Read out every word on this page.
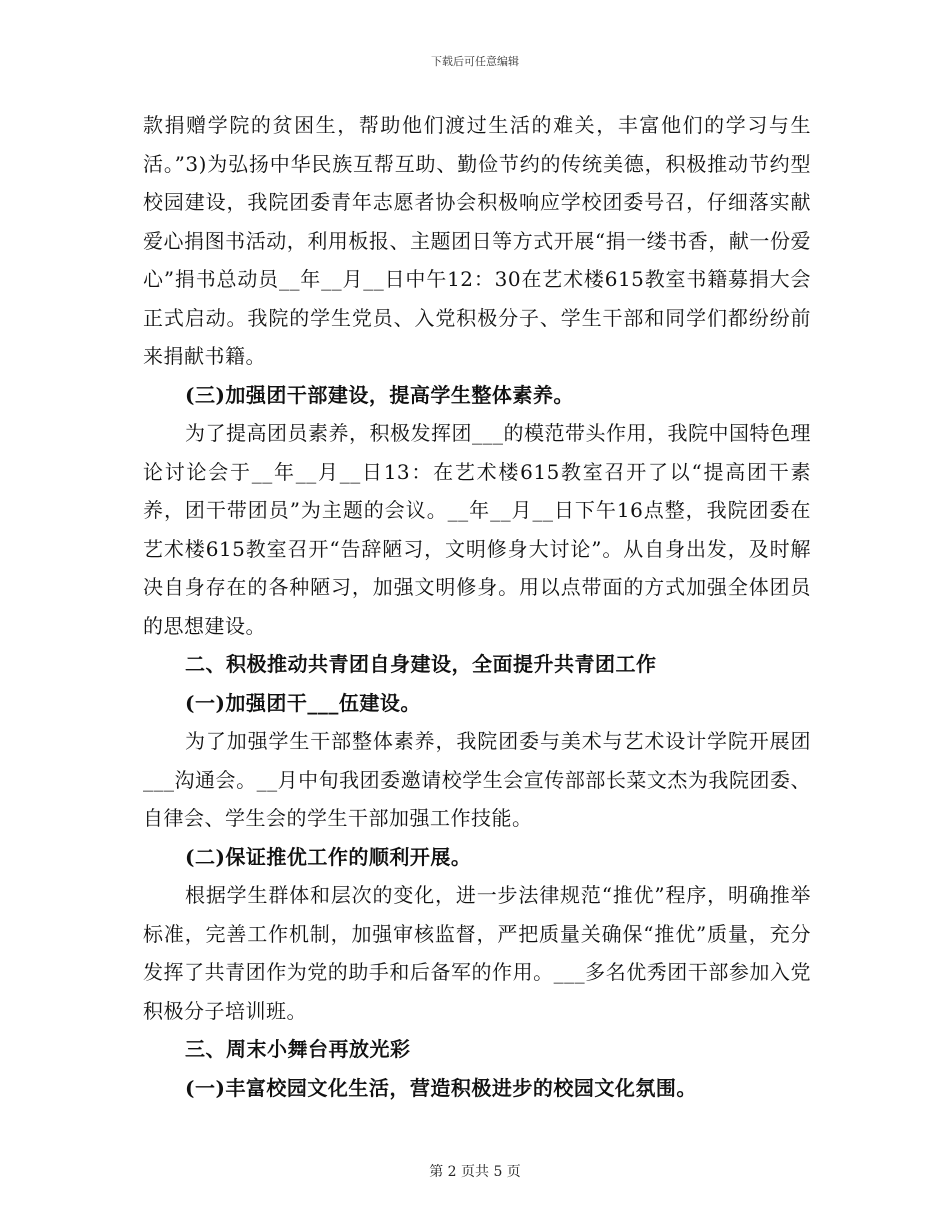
下载后可任意编辑

款捐赠学院的贫困生，帮助他们渡过生活的难关，丰富他们的学习与生活。”3)为弘扬中华民族互帮互助、勤俭节约的传统美德，积极推动节约型校园建设，我院团委青年志愿者协会积极响应学校团委号召，仔细落实献爱心捐图书活动，利用板报、主题团日等方式开展“捐一缕书香，献一份爱心”捐书总动员__年__月__日中午12：30在艺术楼615教室书籍募捐大会正式启动。我院的学生党员、入党积极分子、学生干部和同学们都纷纷前来捐献书籍。

(三)加强团干部建设，提高学生整体素养。

为了提高团员素养，积极发挥团___的模范带头作用，我院中国特色理论讨论会于__年__月__日13：在艺术楼615教室召开了以“提高团干素养，团干带团员”为主题的会议。__年__月__日下午16点整，我院团委在艺术楼615教室召开“告辞陋习，文明修身大讨论”。从自身出发，及时解决自身存在的各种陋习，加强文明修身。用以点带面的方式加强全体团员的思想建设。

二、积极推动共青团自身建设，全面提升共青团工作

(一)加强团干___伍建设。

为了加强学生干部整体素养，我院团委与美术与艺术设计学院开展团___沟通会。__月中旬我团委邀请校学生会宣传部部长菜文杰为我院团委、自律会、学生会的学生干部加强工作技能。

(二)保证推优工作的顺利开展。

根据学生群体和层次的变化，进一步法律规范“推优”程序，明确推举标准，完善工作机制，加强审核监督，严把质量关确保“推优”质量，充分发挥了共青团作为党的助手和后备军的作用。___多名优秀团干部参加入党积极分子培训班。

三、周末小舞台再放光彩

(一)丰富校园文化生活，营造积极进步的校园文化氛围。

第 2 页共 5 页
